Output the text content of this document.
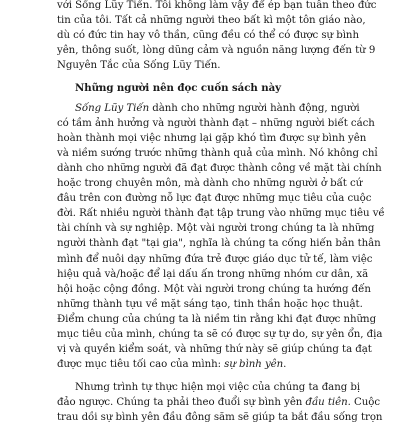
với Sống Lũy Tiến. Tôi không làm vậy để ép bạn tuân theo đức
tin của tôi. Tất cả những người theo bất kì một tôn giáo nào,
dù có đức tin hay vô thần, cũng đều có thể có được sự bình
yên, thông suốt, lòng dũng cảm và nguồn năng lượng đến từ 9
Nguyên Tắc của Sống Lũy Tiến.
Những người nên đọc cuốn sách này
Sống Lũy Tiến dành cho những người hành động, người
có tầm ảnh hưởng và người thành đạt – những người biết cách
hoàn thành mọi việc nhưng lại gặp khó tìm được sự bình yên
và niềm sướng trước những thành quả của mình. Nó không chỉ
dành cho những người đã đạt được thành công về mặt tài chính
hoặc trong chuyên môn, mà dành cho những người ở bất cứ
đâu trên con đường nỗ lực đạt được những mục tiêu của cuộc
đời. Rất nhiều người thành đạt tập trung vào những mục tiêu về
tài chính và sự nghiệp. Một vài người trong chúng ta là những
người thành đạt "tại gia", nghĩa là chúng ta cống hiến bản thân
mình để nuôi dạy những đứa trẻ được giáo dục tử tế, làm việc
hiệu quả và/hoặc để lại dấu ấn trong những nhóm cư dân, xã
hội hoặc cộng đồng. Một vài người trong chúng ta hướng đến
những thành tựu về mặt sáng tạo, tinh thần hoặc học thuật.
Điểm chung của chúng ta là niềm tin rằng khi đạt được những
mục tiêu của mình, chúng ta sẽ có được sự tự do, sự yên ổn, địa
vị và quyền kiểm soát, và những thứ này sẽ giúp chúng ta đạt
được mục tiêu tối cao của mình: sự bình yên.
Nhưng trình tự thực hiện mọi việc của chúng ta đang bị
đảo ngược. Chúng ta phải theo đuổi sự bình yên đầu tiên. Cuộc
trau dồi sự bình yên đầu đông săm sẽ giúp ta bắt đầu sống trọn
